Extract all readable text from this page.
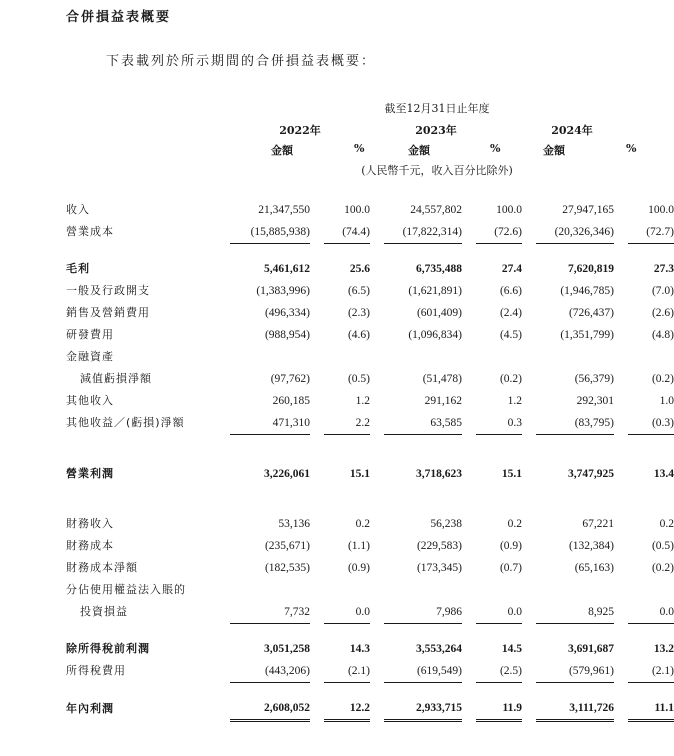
合併損益表概要
下表載列於所示期間的合併損益表概要：
截至12月31日止年度
2022年	2023年	2024年
金額	%	金額	%	金額	%
(人民幣千元，收入百分比除外)
收入	21,347,550		100.0		24,557,802		100.0		27,947,165		100.0
營業成本	(15,885,938)		(74.4)		(17,822,314)		(72.6)		(20,326,346)		(72.7)

毛利	5,461,612		25.6		6,735,488		27.4		7,620,819		27.3
一般及行政開支	(1,383,996)		(6.5)		(1,621,891)		(6.6)		(1,946,785)		(7.0)
銷售及營銷費用	(496,334)		(2.3)		(601,409)		(2.4)		(726,437)		(2.6)
研發費用	(988,954)		(4.6)		(1,096,834)		(4.5)		(1,351,799)		(4.8)
金融資產											
減值虧損淨額	(97,762)		(0.5)		(51,478)		(0.2)		(56,379)		(0.2)
其他收入	260,185		1.2		291,162		1.2		292,301		1.0
其他收益／(虧損)淨額	471,310		2.2		63,585		0.3		(83,795)		(0.3)

營業利潤	3,226,061		15.1		3,718,623		15.1		3,747,925		13.4

財務收入	53,136		0.2		56,238		0.2		67,221		0.2
財務成本	(235,671)		(1.1)		(229,583)		(0.9)		(132,384)		(0.5)
財務成本淨額	(182,535)		(0.9)		(173,345)		(0.7)		(65,163)		(0.2)
分佔使用權益法入賬的											
投資損益	7,732		0.0		7,986		0.0		8,925		0.0

除所得稅前利潤	3,051,258		14.3		3,553,264		14.5		3,691,687		13.2
所得稅費用	(443,206)		(2.1)		(619,549)		(2.5)		(579,961)		(2.1)

年內利潤	2,608,052		12.2		2,933,715		11.9		3,111,726		11.1
